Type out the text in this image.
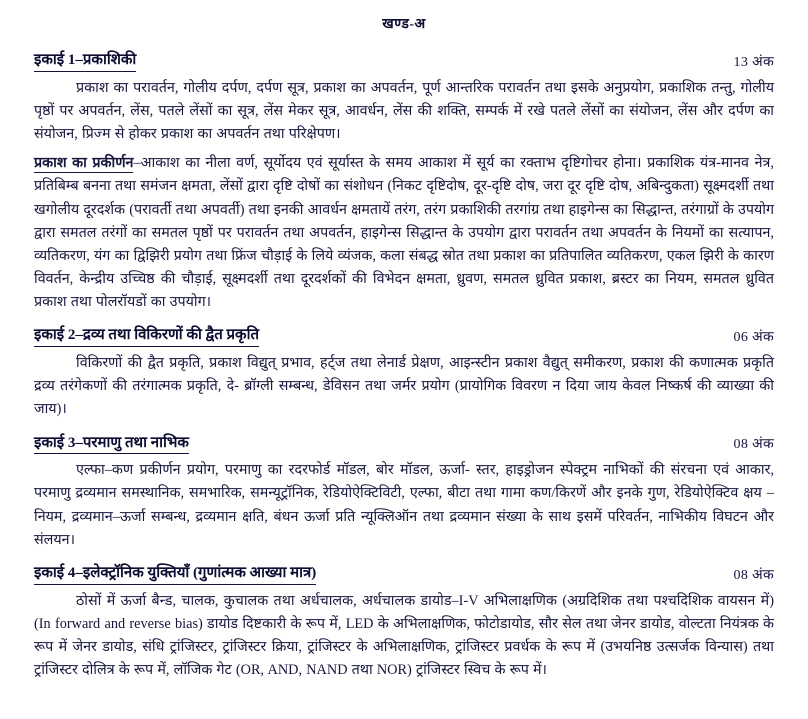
खण्ड-अ
इकाई 1–प्रकाशिकी	13 अंक

प्रकाश का परावर्तन, गोलीय दर्पण, दर्पण सूत्र, प्रकाश का अपवर्तन, पूर्ण आन्तरिक परावर्तन तथा इसके अनुप्रयोग, प्रकाशिक तन्तु, गोलीय पृष्ठों पर अपवर्तन, लेंस, पतले लेंसों का सूत्र, लेंस मेकर सूत्र, आवर्धन, लेंस की शक्ति, सम्पर्क में रखे पतले लेंसों का संयोजन, लेंस और दर्पण का संयोजन, प्रिज्म से होकर प्रकाश का अपवर्तन तथा परिक्षेपण।

प्रकाश का प्रकीर्णन–आकाश का नीला वर्ण, सूर्योदय एवं सूर्यास्त के समय आकाश में सूर्य का रक्ताभ दृष्टिगोचर होना। प्रकाशिक यंत्र-मानव नेत्र, प्रतिबिम्ब बनना तथा समंजन क्षमता, लेंसों द्वारा दृष्टि दोषों का संशोधन (निकट दृष्टिदोष, दूर-दृष्टि दोष, जरा दूर दृष्टि दोष, अबिन्दुकता) सूक्ष्मदर्शी तथा खगोलीय दूरदर्शक (परावर्ती तथा अपवर्ती) तथा इनकी आवर्धन क्षमतायें तरंग, तरंग प्रकाशिकी तरगांग्र तथा हाइगेन्स का सिद्धान्त, तरंगाग्रों के उपयोग द्वारा समतल तरंगों का समतल पृष्ठों पर परावर्तन तथा अपवर्तन, हाइगेन्स सिद्धान्त के उपयोग द्वारा परावर्तन तथा अपवर्तन के नियमों का सत्यापन, व्यतिकरण, यंग का द्विझिरी प्रयोग तथा फ्रिंज चौड़ाई के लिये व्यंजक, कला संबद्ध स्रोत तथा प्रकाश का प्रतिपालित व्यतिकरण, एकल झिरी के कारण विवर्तन, केन्द्रीय उच्चिष्ठ की चौड़ाई, सूक्ष्मदर्शी तथा दूरदर्शकों की विभेदन क्षमता, ध्रुवण, समतल ध्रुवित प्रकाश, ब्रस्टर का नियम, समतल ध्रुवित प्रकाश तथा पोलरॉयडों का उपयोग।

इकाई 2–द्रव्य तथा विकिरणों की द्वैत प्रकृति	06 अंक

विकिरणों की द्वैत प्रकृति, प्रकाश विद्युत् प्रभाव, हर्ट्ज तथा लेनार्ड प्रेक्षण, आइन्स्टीन प्रकाश वैद्युत् समीकरण, प्रकाश की कणात्मक प्रकृति द्रव्य तरंगेकणों की तरंगात्मक प्रकृति, दे- ब्रॉग्ली सम्बन्ध, डेविसन तथा जर्मर प्रयोग (प्रायोगिक विवरण न दिया जाय केवल निष्कर्ष की व्याख्या की जाय)।

इकाई 3–परमाणु तथा नाभिक	08 अंक

एल्फा–कण प्रकीर्णन प्रयोग, परमाणु का रदरफोर्ड मॉडल, बोर मॉडल, ऊर्जा- स्तर, हाइड्रोजन स्पेक्ट्रम नाभिकों की संरचना एवं आकार, परमाणु द्रव्यमान समस्थानिक, समभारिक, समन्यूट्रॉनिक, रेडियोऐक्टिविटी, एल्फा, बीटा तथा गामा कण/किरणें और इनके गुण, रेडियोऐक्टिव क्षय –नियम, द्रव्यमान–ऊर्जा सम्बन्ध, द्रव्यमान क्षति, बंधन ऊर्जा प्रति न्यूक्लिऑन तथा द्रव्यमान संख्या के साथ इसमें परिवर्तन, नाभिकीय विघटन और संलयन।

इकाई 4–इलेक्ट्रॉनिक युक्तियाँ (गुणांत्मक आख्या मात्र)	08 अंक

ठोसों में ऊर्जा बैन्ड, चालक, कुचालक तथा अर्धचालक, अर्धचालक डायोड–I-V अभिलाक्षणिक (अग्रदिशिक तथा पश्चदिशिक वायसन में) (In forward and reverse bias) डायोड दिष्टकारी के रूप में, LED के अभिलाक्षणिक, फोटोडायोड, सौर सेल तथा जेनर डायोड, वोल्टता नियंत्रक के रूप में जेनर डायोड, संधि ट्रांजिस्टर, ट्रांजिस्टर क्रिया, ट्रांजिस्टर के अभिलाक्षणिक, ट्रांजिस्टर प्रवर्धक के रूप में (उभयनिष्ठ उत्सर्जक विन्यास) तथा ट्रांजिस्टर दोलित्र के रूप में, लॉजिक गेट (OR, AND, NAND तथा NOR) ट्रांजिस्टर स्विच के रूप में।
